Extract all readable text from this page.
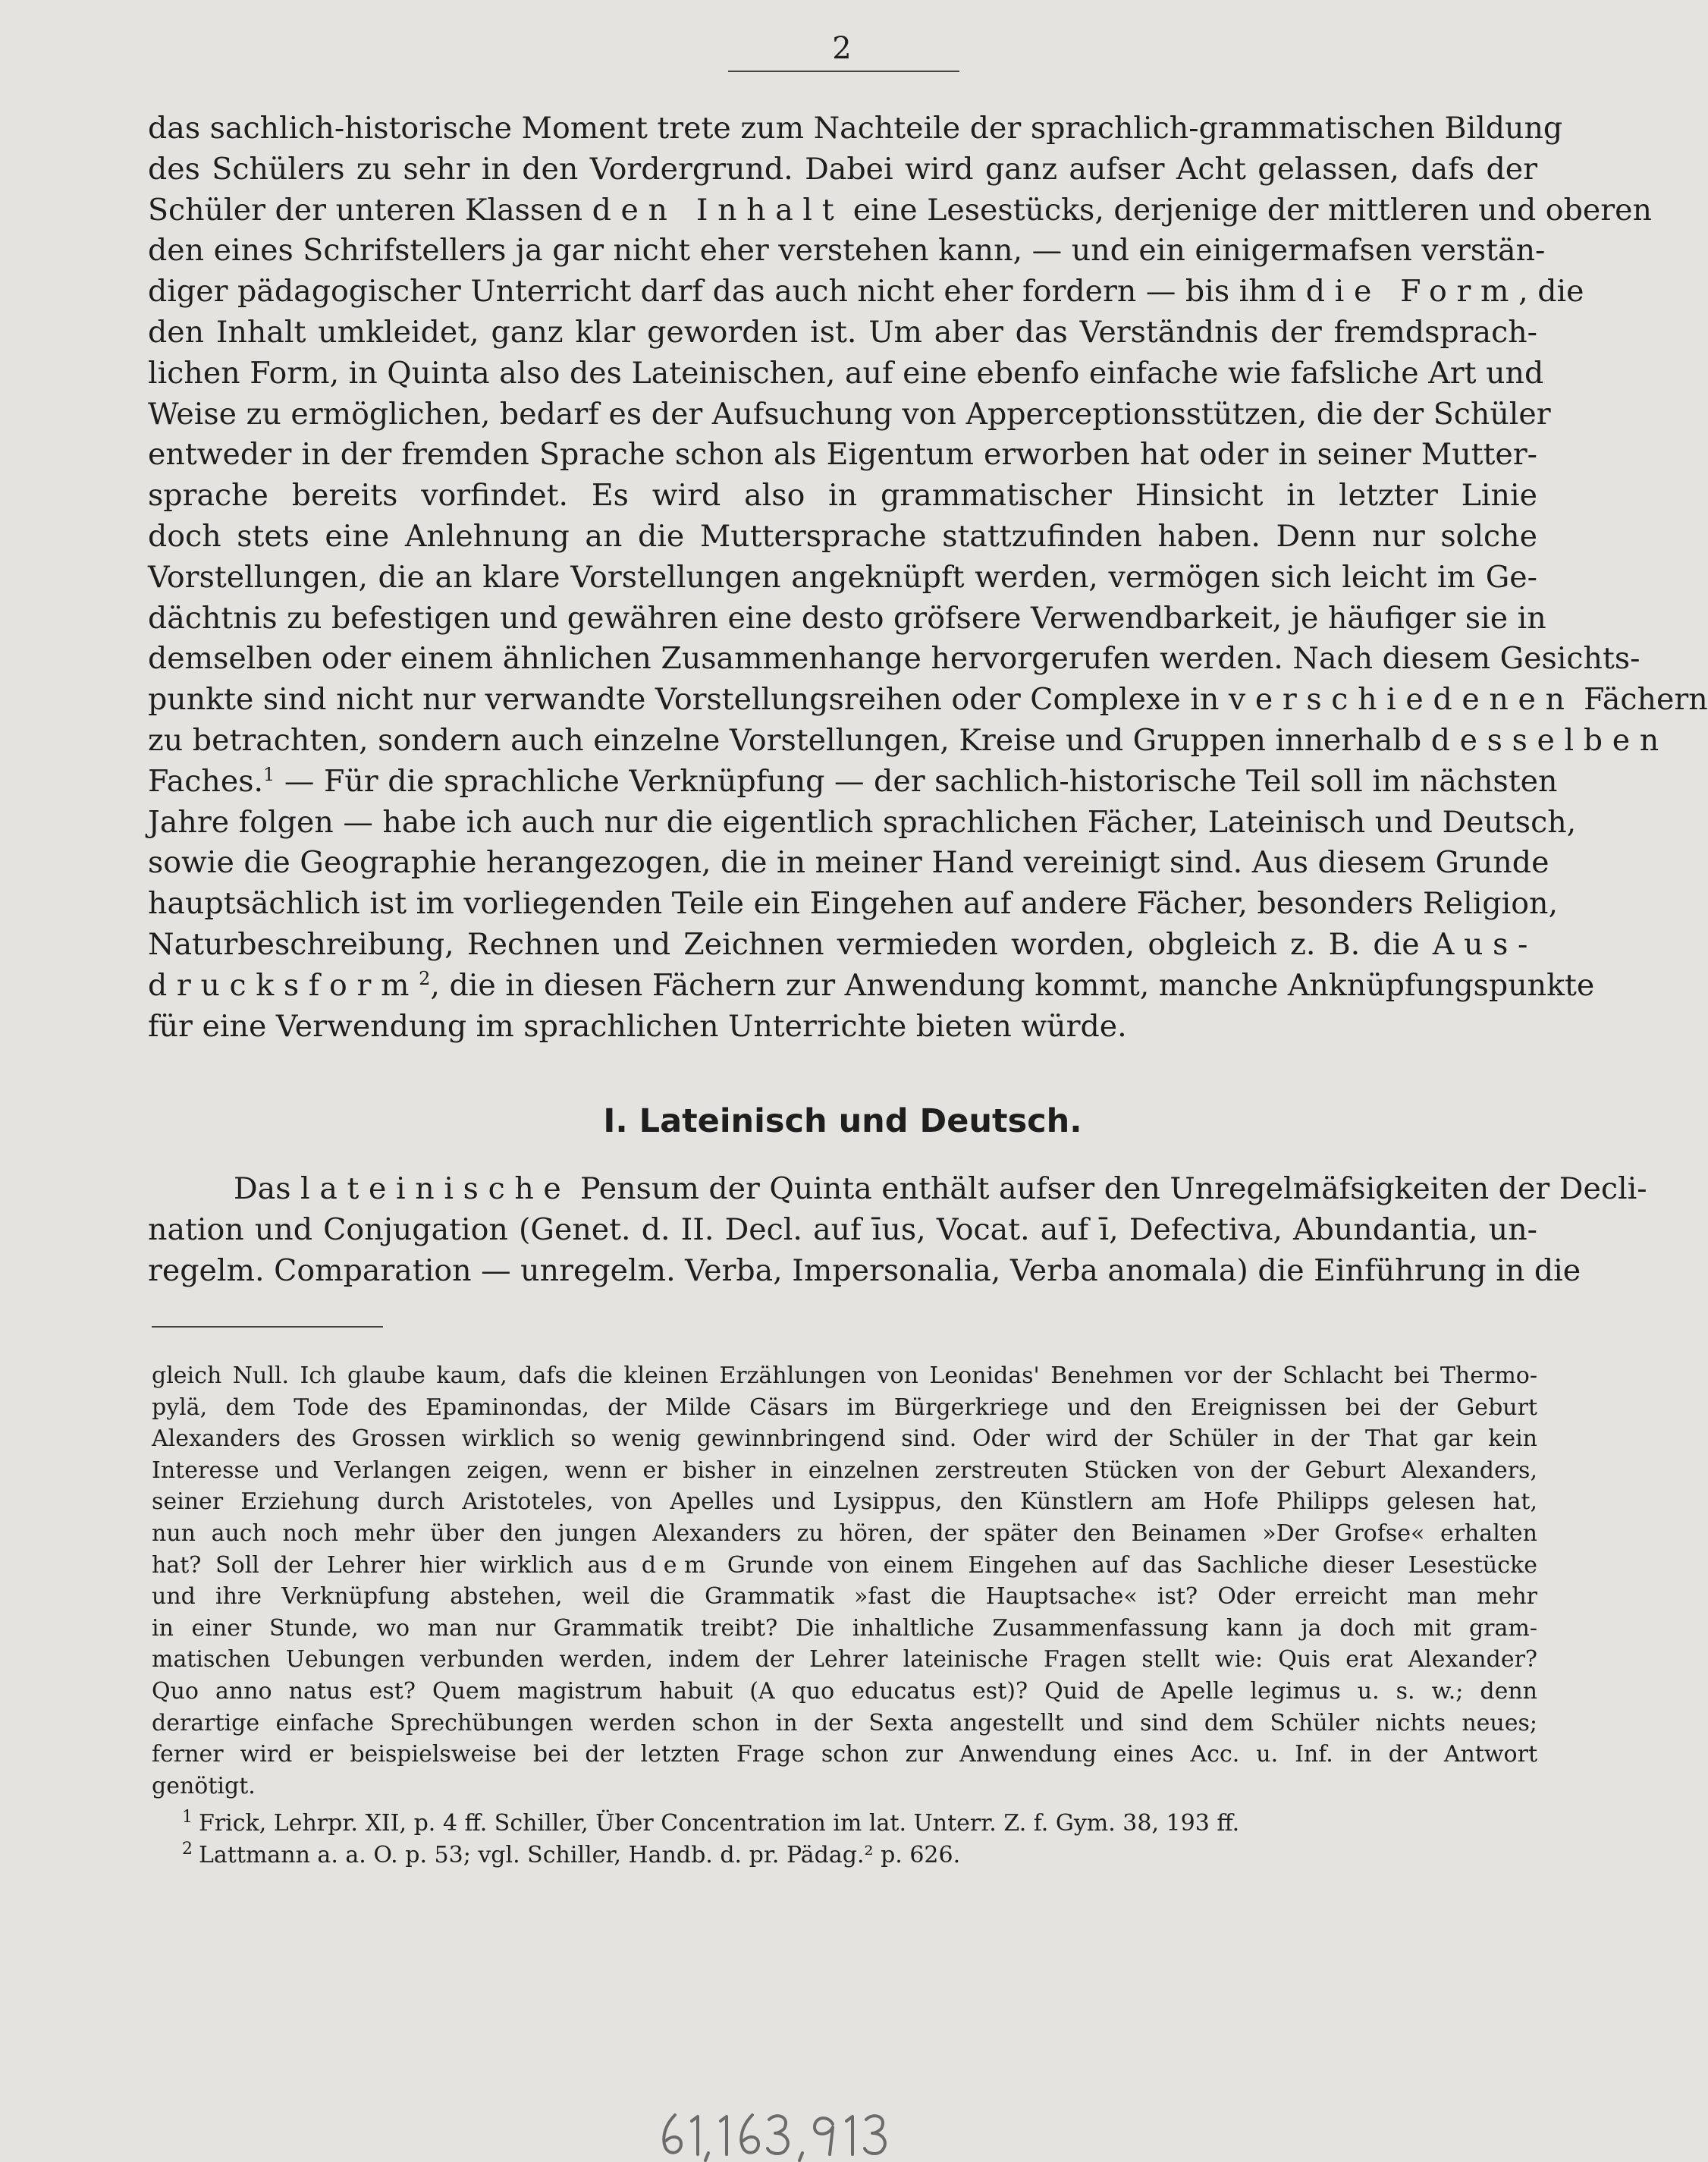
2
das sachlich-historische Moment trete zum Nachteile der sprachlich-grammatischen Bildung
des Schülers zu sehr in den Vordergrund. Dabei wird ganz aufser Acht gelassen, dafs der
Schüler der unteren Klassen den Inhalt eine Lesestücks, derjenige der mittleren und oberen
den eines Schrifstellers ja gar nicht eher verstehen kann, — und ein einigermafsen verstän-
diger pädagogischer Unterricht darf das auch nicht eher fordern — bis ihm die Form, die
den Inhalt umkleidet, ganz klar geworden ist. Um aber das Verständnis der fremdsprach-
lichen Form, in Quinta also des Lateinischen, auf eine ebenfo einfache wie fafsliche Art und
Weise zu ermöglichen, bedarf es der Aufsuchung von Apperceptionsstützen, die der Schüler
entweder in der fremden Sprache schon als Eigentum erworben hat oder in seiner Mutter-
sprache bereits vorfindet. Es wird also in grammatischer Hinsicht in letzter Linie
doch stets eine Anlehnung an die Muttersprache stattzufinden haben. Denn nur solche
Vorstellungen, die an klare Vorstellungen angeknüpft werden, vermögen sich leicht im Ge-
dächtnis zu befestigen und gewähren eine desto gröfsere Verwendbarkeit, je häufiger sie in
demselben oder einem ähnlichen Zusammenhange hervorgerufen werden. Nach diesem Gesichts-
punkte sind nicht nur verwandte Vorstellungsreihen oder Complexe in verschiedenen Fächern
zu betrachten, sondern auch einzelne Vorstellungen, Kreise und Gruppen innerhalb desselben
Faches.$^1$ — Für die sprachliche Verknüpfung — der sachlich-historische Teil soll im nächsten
Jahre folgen — habe ich auch nur die eigentlich sprachlichen Fächer, Lateinisch und Deutsch,
sowie die Geographie herangezogen, die in meiner Hand vereinigt sind. Aus diesem Grunde
hauptsächlich ist im vorliegenden Teile ein Eingehen auf andere Fächer, besonders Religion,
Naturbeschreibung, Rechnen und Zeichnen vermieden worden, obgleich z. B. die Aus-
drucksform$^2$, die in diesen Fächern zur Anwendung kommt, manche Anknüpfungspunkte
für eine Verwendung im sprachlichen Unterrichte bieten würde.
I. Lateinisch und Deutsch.
Das lateinische Pensum der Quinta enthält aufser den Unregelmäfsigkeiten der Decli-
nation und Conjugation (Genet. d. II. Decl. auf īus, Vocat. auf ī, Defectiva, Abundantia, un-
regelm. Comparation — unregelm. Verba, Impersonalia, Verba anomala) die Einführung in die
gleich Null. Ich glaube kaum, dafs die kleinen Erzählungen von Leonidas' Benehmen vor der Schlacht bei Thermo-
pylä, dem Tode des Epaminondas, der Milde Cäsars im Bürgerkriege und den Ereignissen bei der Geburt
Alexanders des Grossen wirklich so wenig gewinnbringend sind. Oder wird der Schüler in der That gar kein
Interesse und Verlangen zeigen, wenn er bisher in einzelnen zerstreuten Stücken von der Geburt Alexanders,
seiner Erziehung durch Aristoteles, von Apelles und Lysippus, den Künstlern am Hofe Philipps gelesen hat,
nun auch noch mehr über den jungen Alexanders zu hören, der später den Beinamen »Der Grofse« erhalten
hat? Soll der Lehrer hier wirklich aus dem Grunde von einem Eingehen auf das Sachliche dieser Lesestücke
und ihre Verknüpfung abstehen, weil die Grammatik »fast die Hauptsache« ist? Oder erreicht man mehr
in einer Stunde, wo man nur Grammatik treibt? Die inhaltliche Zusammenfassung kann ja doch mit gram-
matischen Uebungen verbunden werden, indem der Lehrer lateinische Fragen stellt wie: Quis erat Alexander?
Quo anno natus est? Quem magistrum habuit (A quo educatus est)? Quid de Apelle legimus u. s. w.; denn
derartige einfache Sprechübungen werden schon in der Sexta angestellt und sind dem Schüler nichts neues;
ferner wird er beispielsweise bei der letzten Frage schon zur Anwendung eines Acc. u. Inf. in der Antwort
genötigt.
$^1$ Frick, Lehrpr. XII, p. 4 ff. Schiller, Über Concentration im lat. Unterr. Z. f. Gym. 38, 193 ff.
$^2$ Lattmann a. a. O. p. 53; vgl. Schiller, Handb. d. pr. Pädag.² p. 626.
